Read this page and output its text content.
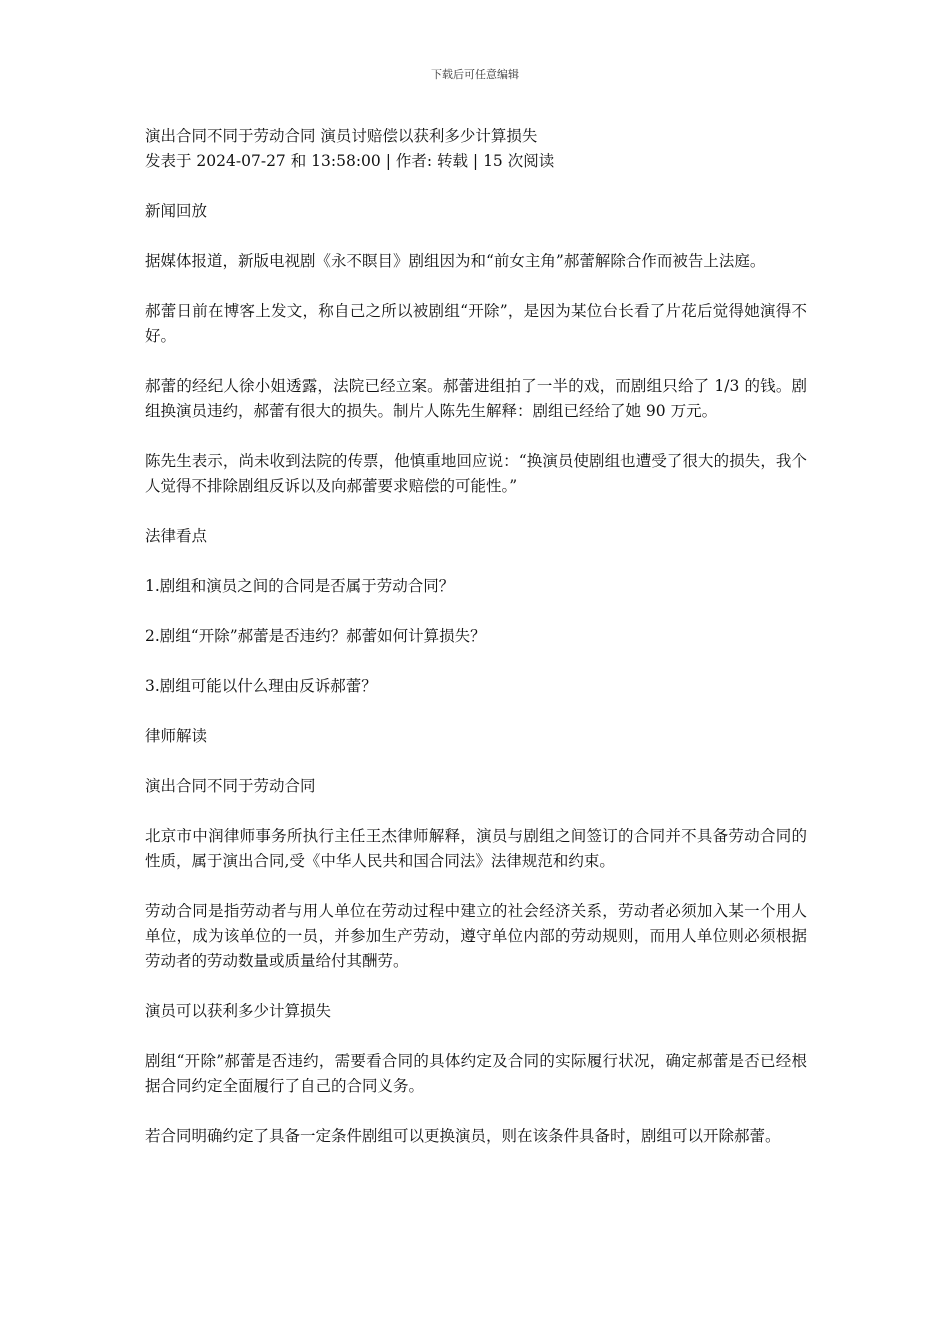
下载后可任意编辑

演出合同不同于劳动合同 演员讨赔偿以获利多少计算损失

发表于 2024-07-27 和 13:58:00 | 作者: 转载 | 15 次阅读

新闻回放

据媒体报道，新版电视剧《永不瞑目》剧组因为和“前女主角”郝蕾解除合作而被告上法庭。

郝蕾日前在博客上发文，称自己之所以被剧组“开除”，是因为某位台长看了片花后觉得她演得不好。

郝蕾的经纪人徐小姐透露，法院已经立案。郝蕾进组拍了一半的戏，而剧组只给了 1/3 的钱。剧组换演员违约，郝蕾有很大的损失。制片人陈先生解释：剧组已经给了她 90 万元。

陈先生表示，尚未收到法院的传票，他慎重地回应说：“换演员使剧组也遭受了很大的损失，我个人觉得不排除剧组反诉以及向郝蕾要求赔偿的可能性。”

法律看点

1.剧组和演员之间的合同是否属于劳动合同？

2.剧组“开除”郝蕾是否违约？郝蕾如何计算损失？

3.剧组可能以什么理由反诉郝蕾？

律师解读

演出合同不同于劳动合同

北京市中润律师事务所执行主任王杰律师解释，演员与剧组之间签订的合同并不具备劳动合同的性质，属于演出合同,受《中华人民共和国合同法》法律规范和约束。

劳动合同是指劳动者与用人单位在劳动过程中建立的社会经济关系，劳动者必须加入某一个用人单位，成为该单位的一员，并参加生产劳动，遵守单位内部的劳动规则，而用人单位则必须根据劳动者的劳动数量或质量给付其酬劳。

演员可以获利多少计算损失

剧组“开除”郝蕾是否违约，需要看合同的具体约定及合同的实际履行状况，确定郝蕾是否已经根据合同约定全面履行了自己的合同义务。

若合同明确约定了具备一定条件剧组可以更换演员，则在该条件具备时，剧组可以开除郝蕾。
